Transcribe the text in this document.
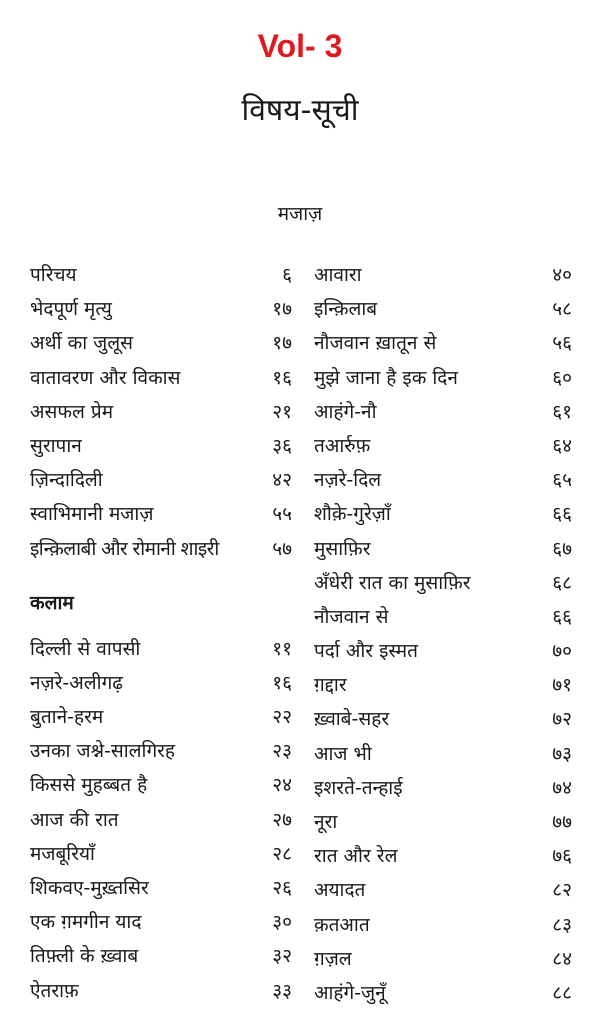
Vol- 3
विषय-सूची
मजाज़
परिचय	६
भेदपूर्ण मृत्यु	१७
अर्थी का जुलूस	१७
वातावरण और विकास	१६
असफल प्रेम	२१
सुरापान	३६
ज़िन्दादिली	४२
स्वाभिमानी मजाज़	५५
इन्क़िलाबी और रोमानी शाइरी	५७
कलाम
दिल्ली से वापसी	११
नज़रे-अलीगढ़	१६
बुताने-हरम	२२
उनका जश्ने-सालगिरह	२३
किससे मुहब्बत है	२४
आज की रात	२७
मजबूरियाँ	२८
शिकवए-मुख़्तसिर	२६
एक ग़मगीन याद	३०
तिफ़्ली के ख़्वाब	३२
ऐतराफ़	३३
आवारा	४०
इन्क़िलाब	५८
नौजवान ख़ातून से	५६
मुझे जाना है इक दिन	६०
आहंगे-नौ	६१
तआर्रुफ़	६४
नज़रे-दिल	६५
शौक़े-गुरेज़ाँ	६६
मुसाफ़िर	६७
अँधेरी रात का मुसाफ़िर	६८
नौजवान से	६६
पर्दा और इस्मत	७०
ग़द्दार	७१
ख़्वाबे-सहर	७२
आज भी	७३
इशरते-तन्हाई	७४
नूरा	७७
रात और रेल	७६
अयादत	८२
क़तआत	८३
ग़ज़ल	८४
आहंगे-जुनूँ	८८
